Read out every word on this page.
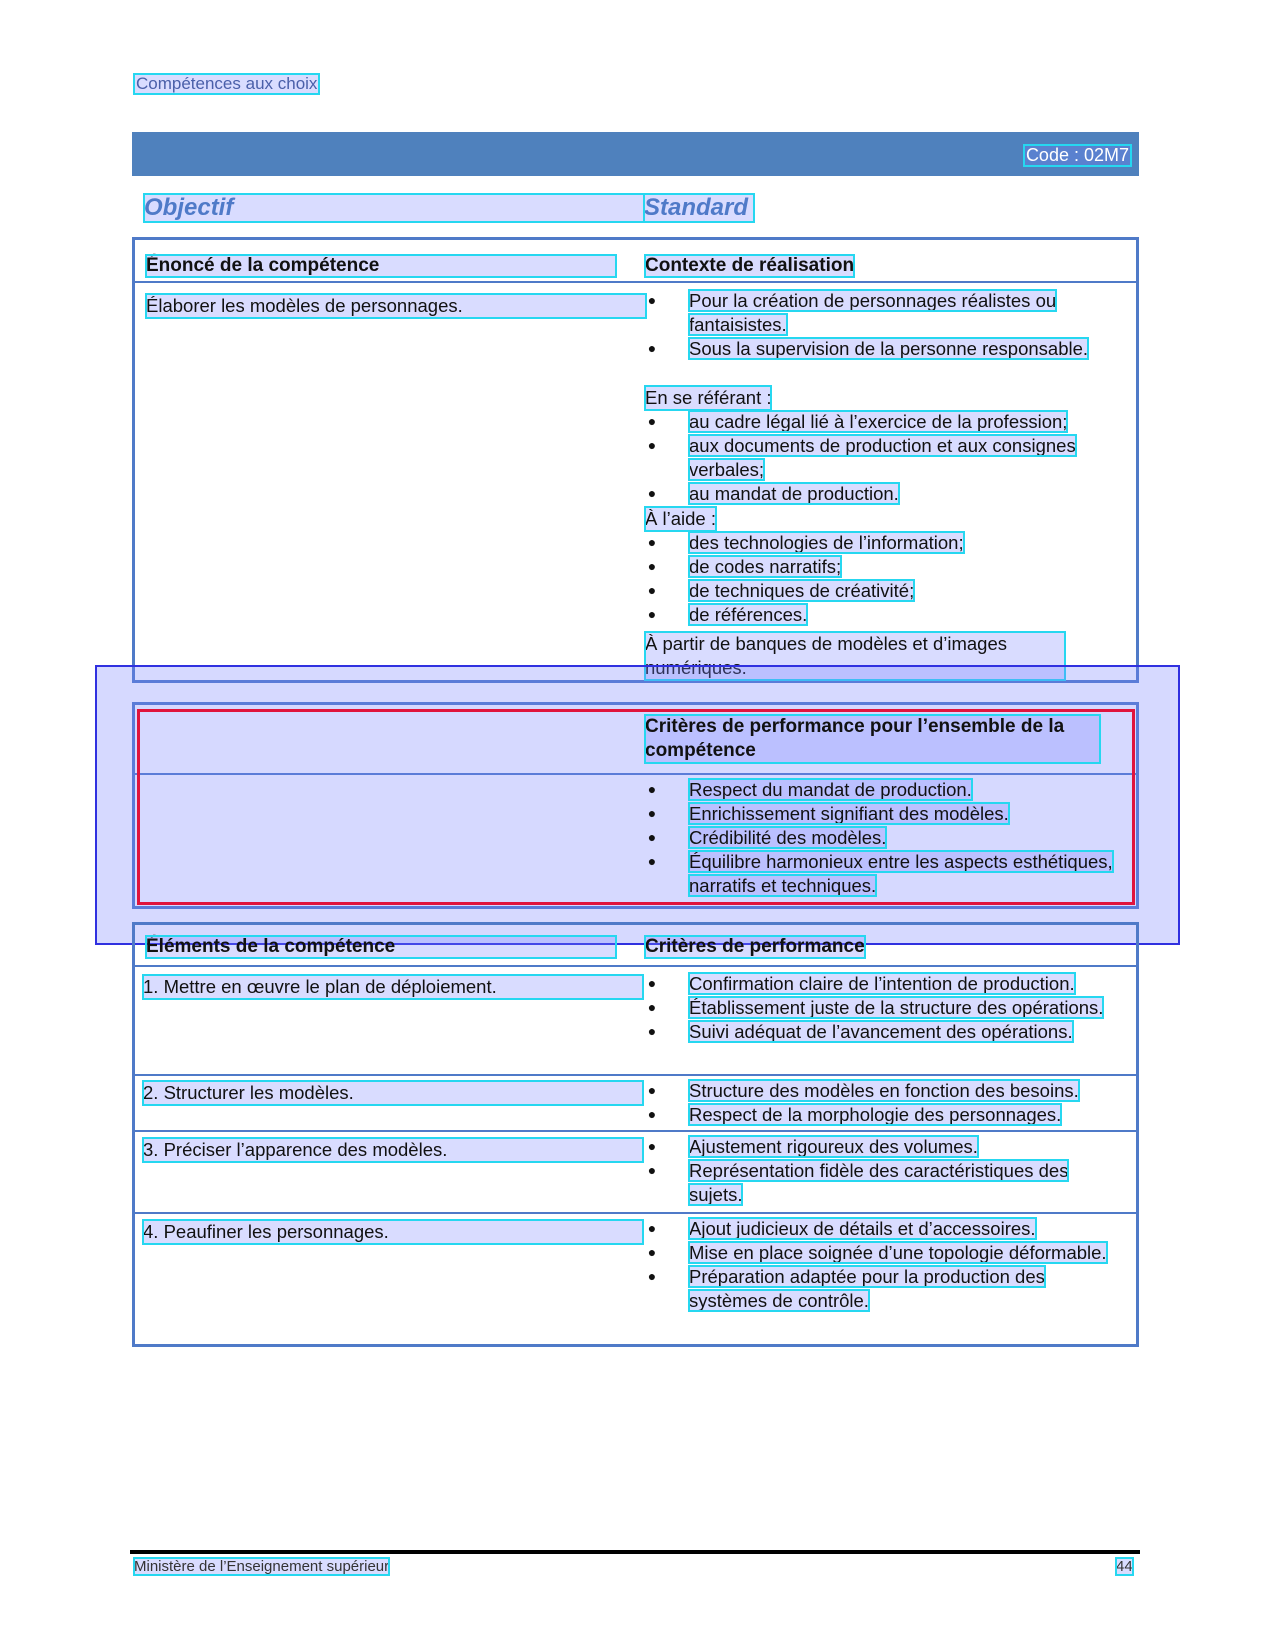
Compétences aux choix
Code : 02M7
Objectif	Standard
Énoncé de la compétence	Contexte de réalisation
Élaborer les modèles de personnages.	● Pour la création de personnages réalistes ou fantaisistes.
● Sous la supervision de la personne responsable.
En se référant :
● au cadre légal lié à l’exercice de la profession;
● aux documents de production et aux consignes verbales;
● au mandat de production.
À l’aide :
● des technologies de l’information;
● de codes narratifs;
● de techniques de créativité;
● de références.
À partir de banques de modèles et d’images numériques.
Critères de performance pour l’ensemble de la compétence
● Respect du mandat de production.
● Enrichissement signifiant des modèles.
● Crédibilité des modèles.
● Équilibre harmonieux entre les aspects esthétiques, narratifs et techniques.
Éléments de la compétence	Critères de performance
1. Mettre en œuvre le plan de déploiement.	● Confirmation claire de l’intention de production.
● Établissement juste de la structure des opérations.
● Suivi adéquat de l’avancement des opérations.
2. Structurer les modèles.	● Structure des modèles en fonction des besoins.
● Respect de la morphologie des personnages.
3. Préciser l’apparence des modèles.	● Ajustement rigoureux des volumes.
● Représentation fidèle des caractéristiques des sujets.
4. Peaufiner les personnages.	● Ajout judicieux de détails et d’accessoires.
● Mise en place soignée d’une topologie déformable.
● Préparation adaptée pour la production des systèmes de contrôle.
Ministère de l’Enseignement supérieur	44
